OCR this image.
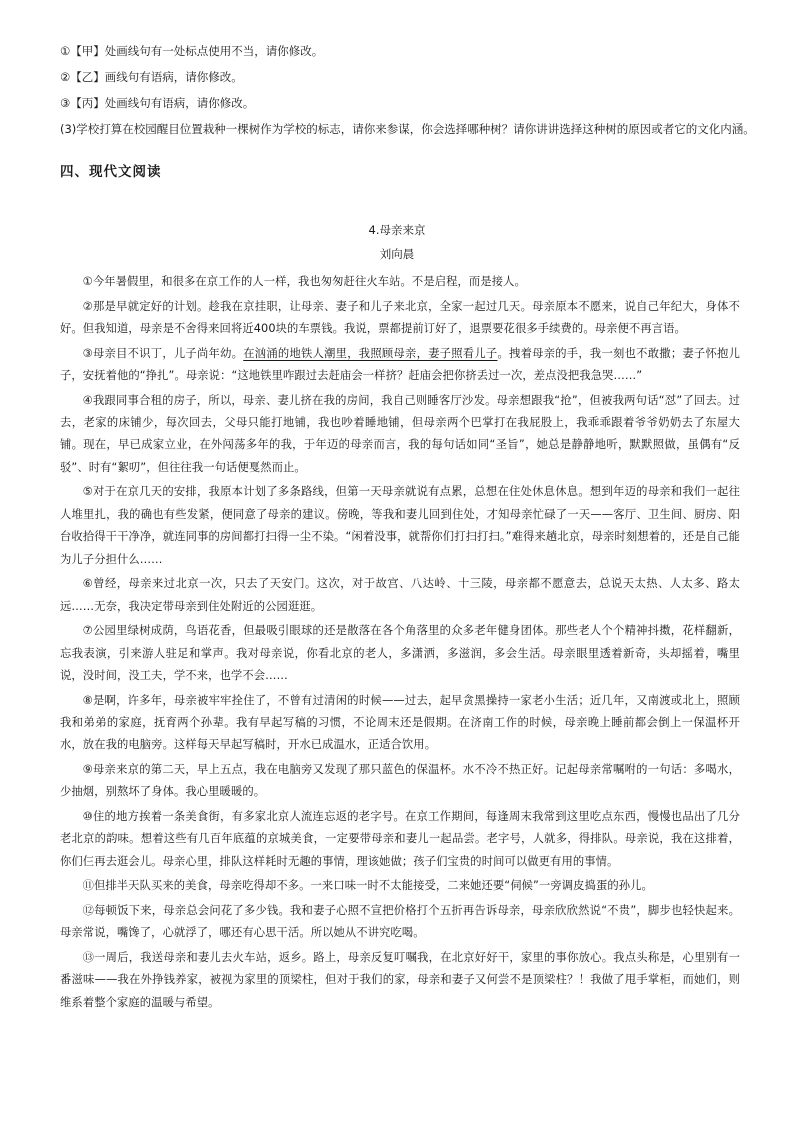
①【甲】处画线句有一处标点使用不当，请你修改。
②【乙】画线句有语病，请你修改。
③【丙】处画线句有语病，请你修改。
(3)学校打算在校园醒目位置栽种一棵树作为学校的标志，请你来参谋，你会选择哪种树？请你讲讲选择这种树的原因或者它的文化内涵。
四、现代文阅读
4.母亲来京
刘向晨

①今年暑假里，和很多在京工作的人一样，我也匆匆赶往火车站。不是启程，而是接人。

②那是早就定好的计划。趁我在京挂职，让母亲、妻子和儿子来北京，全家一起过几天。母亲原本不愿来，说自己年纪大，身体不好。但我知道，母亲是不舍得来回将近400块的车票钱。我说，票都提前订好了，退票要花很多手续费的。母亲便不再言语。

③母亲目不识丁，儿子尚年幼。在汹涌的地铁人潮里，我照顾母亲，妻子照看儿子。拽着母亲的手，我一刻也不敢撒；妻子怀抱儿子，安抚着他的“挣扎”。母亲说：“这地铁里咋跟过去赶庙会一样挤？赶庙会把你挤丢过一次，差点没把我急哭……”

④我跟同事合租的房子，所以，母亲、妻儿挤在我的房间，我自己则睡客厅沙发。母亲想跟我“抢”，但被我两句话“怼”了回去。过去，老家的床铺少，每次回去，父母只能打地铺，我也吵着睡地铺，但母亲两个巴掌打在我屁股上，我乖乖跟着爷爷奶奶去了东屋大铺。现在，早已成家立业，在外闯荡多年的我，于年迈的母亲而言，我的每句话如同“圣旨”，她总是静静地听，默默照做，虽偶有“反驳”、时有“絮叨”，但往往我一句话便戛然而止。

⑤对于在京几天的安排，我原本计划了多条路线，但第一天母亲就说有点累，总想在住处休息休息。想到年迈的母亲和我们一起往人堆里扎，我的确也有些发紧，便同意了母亲的建议。傍晚，等我和妻儿回到住处，才知母亲忙碌了一天——客厅、卫生间、厨房、阳台收拾得干干净净，就连同事的房间都打扫得一尘不染。“闲着没事，就帮你们打扫打扫。”难得来趟北京，母亲时刻想着的，还是自己能为儿子分担什么……

⑥曾经，母亲来过北京一次，只去了天安门。这次，对于故宫、八达岭、十三陵，母亲都不愿意去，总说天太热、人太多、路太远……无奈，我决定带母亲到住处附近的公园逛逛。

⑦公园里绿树成荫，鸟语花香，但最吸引眼球的还是散落在各个角落里的众多老年健身团体。那些老人个个精神抖擞，花样翻新，忘我表演，引来游人驻足和掌声。我对母亲说，你看北京的老人，多潇洒，多滋润，多会生活。母亲眼里透着新奇，头却摇着，嘴里说，没时间，没工夫，学不来，也学不会……

⑧是啊，许多年，母亲被牢牢拴住了，不曾有过清闲的时候——过去，起早贪黑操持一家老小生活；近几年，又南渡或北上，照顾我和弟弟的家庭，抚育两个孙辈。我有早起写稿的习惯，不论周末还是假期。在济南工作的时候，母亲晚上睡前都会倒上一保温杯开水，放在我的电脑旁。这样每天早起写稿时，开水已成温水，正适合饮用。

⑨母亲来京的第二天，早上五点，我在电脑旁又发现了那只蓝色的保温杯。水不冷不热正好。记起母亲常嘱咐的一句话：多喝水，少抽烟，别熬坏了身体。我心里暖暖的。

⑩住的地方挨着一条美食街，有多家北京人流连忘返的老字号。在京工作期间，每逢周末我常到这里吃点东西，慢慢也品出了几分老北京的韵味。想着这些有几百年底蕴的京城美食，一定要带母亲和妻儿一起品尝。老字号，人就多，得排队。母亲说，我在这排着，你们仨再去逛会儿。母亲心里，排队这样耗时无趣的事情，理该她做；孩子们宝贵的时间可以做更有用的事情。

⑪但排半天队买来的美食，母亲吃得却不多。一来口味一时不太能接受，二来她还要“伺候”一旁调皮捣蛋的孙儿。

⑫每顿饭下来，母亲总会问花了多少钱。我和妻子心照不宣把价格打个五折再告诉母亲，母亲欣欣然说“不贵”，脚步也轻快起来。母亲常说，嘴馋了，心就浮了，哪还有心思干活。所以她从不讲究吃喝。

⑬一周后，我送母亲和妻儿去火车站，返乡。路上，母亲反复叮嘱我，在北京好好干，家里的事你放心。我点头称是，心里别有一番滋味——我在外挣钱养家，被视为家里的顶梁柱，但对于我们的家，母亲和妻子又何尝不是顶梁柱？！我做了甩手掌柜，而她们，则维系着整个家庭的温暖与希望。
